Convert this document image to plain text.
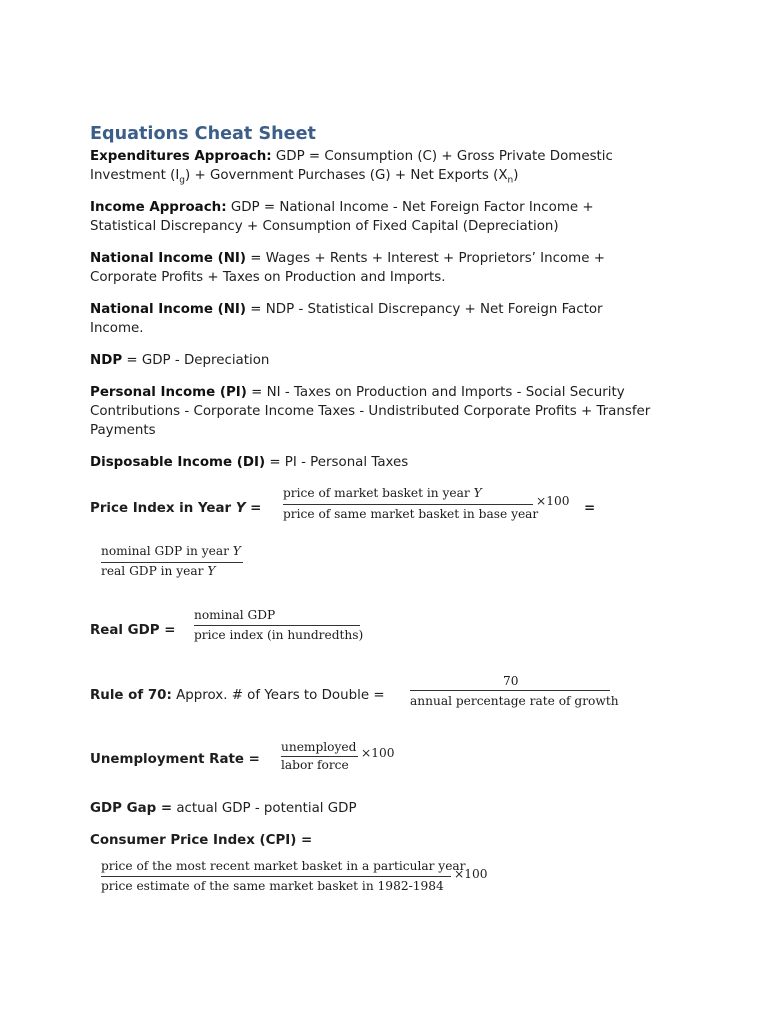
Equations Cheat Sheet
Expenditures Approach: GDP = Consumption (C) + Gross Private Domestic
Investment $(I_g)$ + Government Purchases (G) + Net Exports $(X_n)$
Income Approach: GDP = National Income - Net Foreign Factor Income +
Statistical Discrepancy + Consumption of Fixed Capital (Depreciation)
National Income (NI) = Wages + Rents + Interest + Proprietors’ Income +
Corporate Profits + Taxes on Production and Imports.
National Income (NI) = NDP - Statistical Discrepancy + Net Foreign Factor
Income.
NDP = GDP - Depreciation
Personal Income (PI) = NI - Taxes on Production and Imports - Social Security
Contributions - Corporate Income Taxes - Undistributed Corporate Profits + Transfer
Payments
Disposable Income (DI) = PI - Personal Taxes
Price Index in Year Y =
price of market basket in year Y
price of same market basket in base year
×100 =
nominal GDP in year Y
real GDP in year Y
Real GDP =
nominal GDP
price index (in hundredths)
Rule of 70: Approx. # of Years to Double =
70
annual percentage rate of growth
Unemployment Rate =
unemployed
labor force
×100
GDP Gap = actual GDP - potential GDP
Consumer Price Index (CPI) =
price of the most recent market basket in a particular year
price estimate of the same market basket in 1982-1984
×100
